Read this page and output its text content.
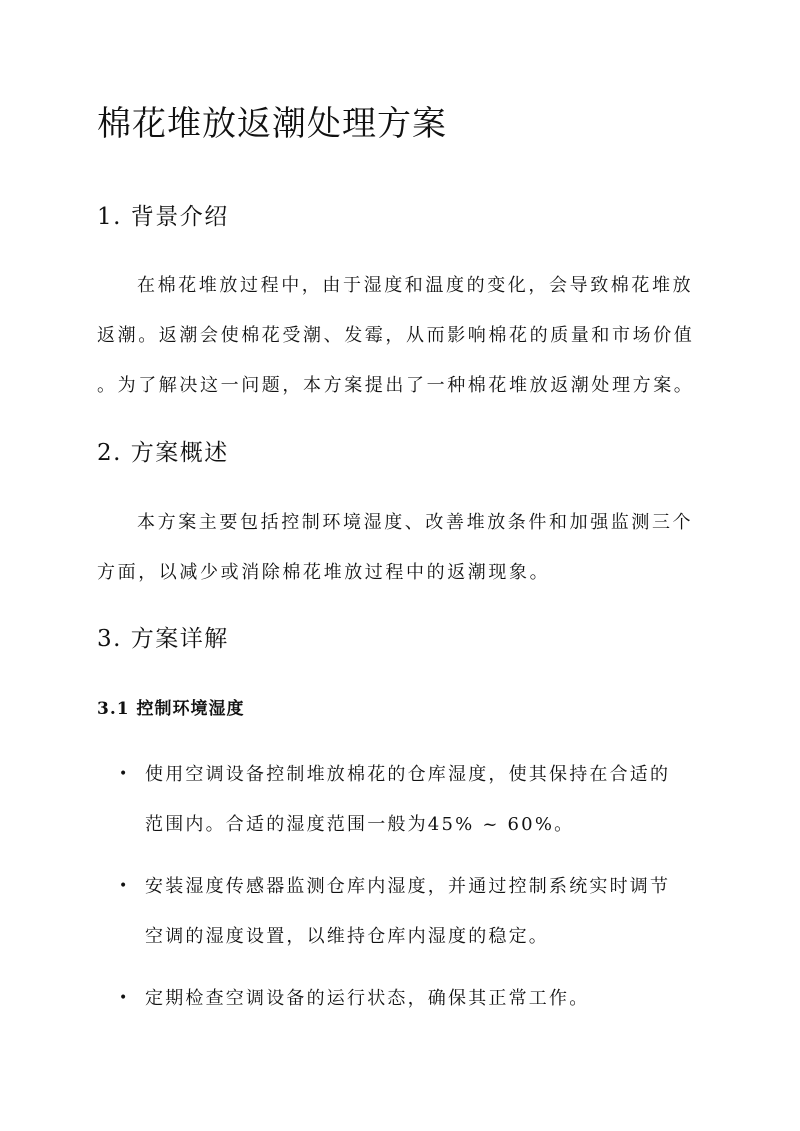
棉花堆放返潮处理方案
1. 背景介绍
在棉花堆放过程中，由于湿度和温度的变化，会导致棉花堆放
返潮。返潮会使棉花受潮、发霉，从而影响棉花的质量和市场价值
。为了解决这一问题，本方案提出了一种棉花堆放返潮处理方案。
2. 方案概述
本方案主要包括控制环境湿度、改善堆放条件和加强监测三个
方面，以减少或消除棉花堆放过程中的返潮现象。
3. 方案详解
3.1 控制环境湿度
• 使用空调设备控制堆放棉花的仓库湿度，使其保持在合适的
范围内。合适的湿度范围一般为45% ~ 60%。
• 安装湿度传感器监测仓库内湿度，并通过控制系统实时调节
空调的湿度设置，以维持仓库内湿度的稳定。
• 定期检查空调设备的运行状态，确保其正常工作。
